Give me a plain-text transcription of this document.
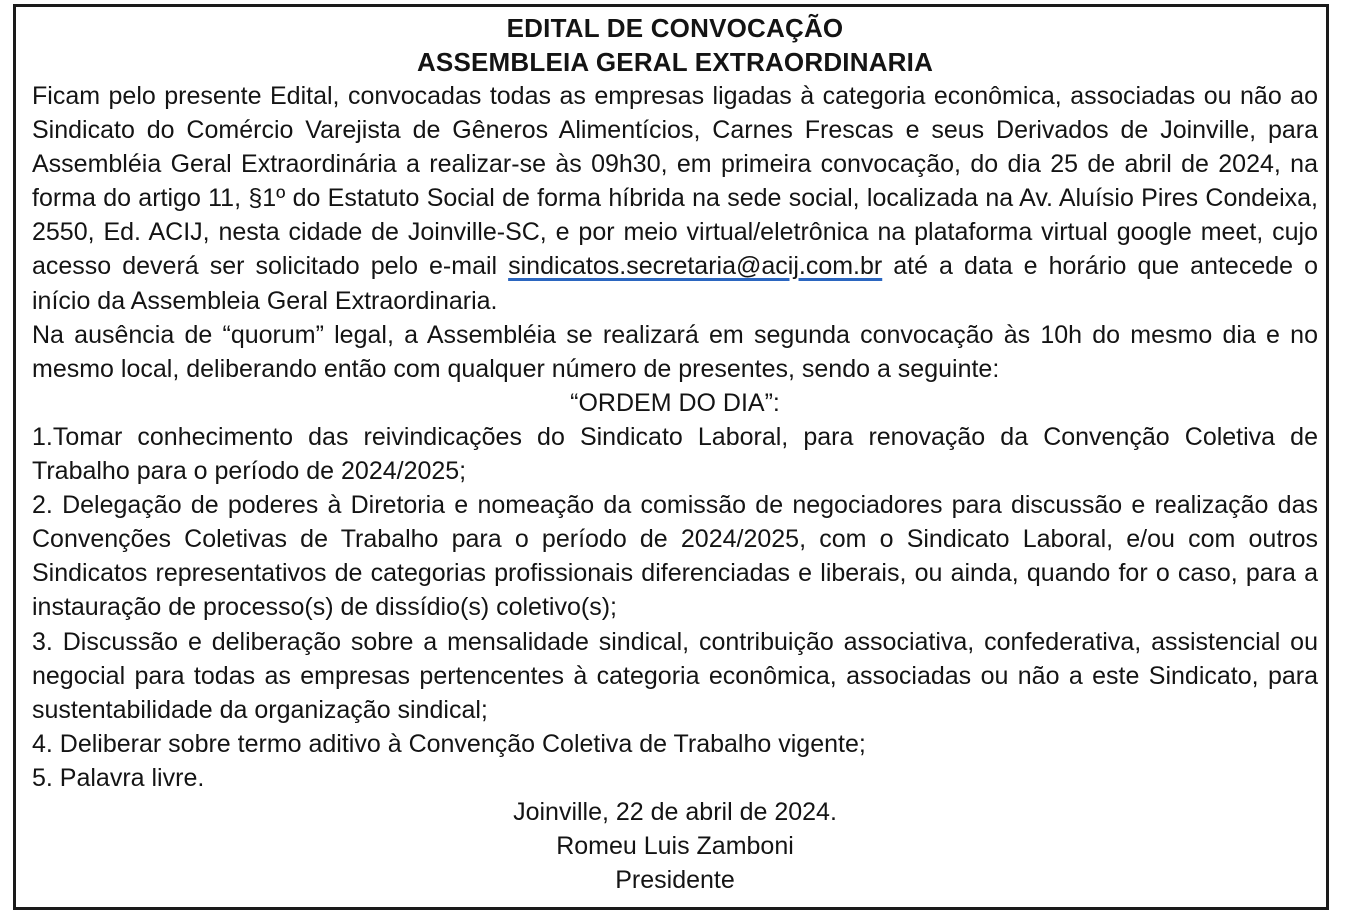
EDITAL DE CONVOCAÇÃO
ASSEMBLEIA GERAL EXTRAORDINARIA
Ficam pelo presente Edital, convocadas todas as empresas ligadas à categoria econômica, associadas ou não ao Sindicato do Comércio Varejista de Gêneros Alimentícios, Carnes Frescas e seus Derivados de Joinville, para Assembléia Geral Extraordinária a realizar-se às 09h30, em primeira convocação, do dia 25 de abril de 2024, na forma do artigo 11, §1º do Estatuto Social de forma híbrida na sede social, localizada na Av. Aluísio Pires Condeixa, 2550, Ed. ACIJ, nesta cidade de Joinville-SC, e por meio virtual/eletrônica na plataforma virtual google meet, cujo acesso deverá ser solicitado pelo e-mail sindicatos.secretaria@acij.com.br até a data e horário que antecede o início da Assembleia Geral Extraordinaria.
Na ausência de “quorum” legal, a Assembléia se realizará em segunda convocação às 10h do mesmo dia e no mesmo local, deliberando então com qualquer número de presentes, sendo a seguinte:
“ORDEM DO DIA”:
1.Tomar conhecimento das reivindicações do Sindicato Laboral, para renovação da Convenção Coletiva de Trabalho para o período de 2024/2025;
2. Delegação de poderes à Diretoria e nomeação da comissão de negociadores para discussão e realização das Convenções Coletivas de Trabalho para o período de 2024/2025, com o Sindicato Laboral, e/ou com outros Sindicatos representativos de categorias profissionais diferenciadas e liberais, ou ainda, quando for o caso, para a instauração de processo(s) de dissídio(s) coletivo(s);
3. Discussão e deliberação sobre a mensalidade sindical, contribuição associativa, confederativa, assistencial ou negocial para todas as empresas pertencentes à categoria econômica, associadas ou não a este Sindicato, para sustentabilidade da organização sindical;
4. Deliberar sobre termo aditivo à Convenção Coletiva de Trabalho vigente;
5. Palavra livre.
Joinville, 22 de abril de 2024.
Romeu Luis Zamboni
Presidente
